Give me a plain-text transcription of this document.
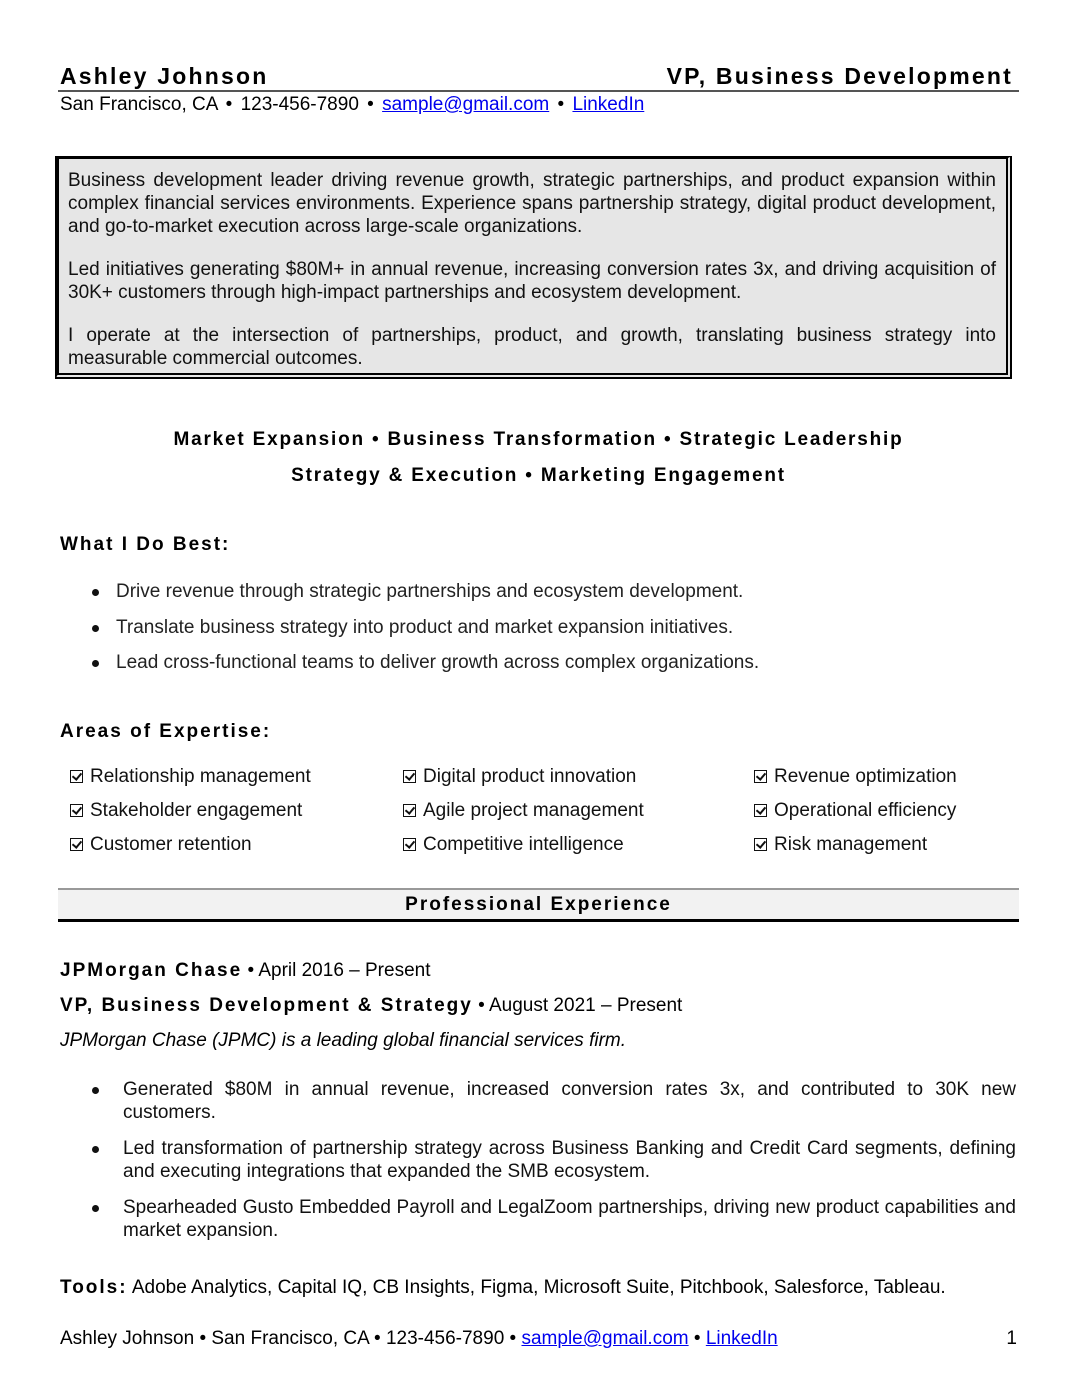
Ashley Johnson	VP, Business Development
San Francisco, CA • 123-456-7890 • sample@gmail.com • LinkedIn

Business development leader driving revenue growth, strategic partnerships, and product expansion within complex financial services environments. Experience spans partnership strategy, digital product development, and go-to-market execution across large-scale organizations.

Led initiatives generating $80M+ in annual revenue, increasing conversion rates 3x, and driving acquisition of 30K+ customers through high-impact partnerships and ecosystem development.

I operate at the intersection of partnerships, product, and growth, translating business strategy into measurable commercial outcomes.

Market Expansion • Business Transformation • Strategic Leadership
Strategy & Execution • Marketing Engagement
What I Do Best:
Drive revenue through strategic partnerships and ecosystem development.
Translate business strategy into product and market expansion initiatives.
Lead cross-functional teams to deliver growth across complex organizations.
Areas of Expertise:
Relationship management	Digital product innovation	Revenue optimization
Stakeholder engagement	Agile project management	Operational efficiency
Customer retention	Competitive intelligence	Risk management
Professional Experience
JPMorgan Chase • April 2016 – Present
VP, Business Development & Strategy • August 2021 – Present
JPMorgan Chase (JPMC) is a leading global financial services firm.
Generated $80M in annual revenue, increased conversion rates 3x, and contributed to 30K new customers.
Led transformation of partnership strategy across Business Banking and Credit Card segments, defining and executing integrations that expanded the SMB ecosystem.
Spearheaded Gusto Embedded Payroll and LegalZoom partnerships, driving new product capabilities and market expansion.
Tools: Adobe Analytics, Capital IQ, CB Insights, Figma, Microsoft Suite, Pitchbook, Salesforce, Tableau.
Ashley Johnson • San Francisco, CA • 123-456-7890 • sample@gmail.com • LinkedIn	1
